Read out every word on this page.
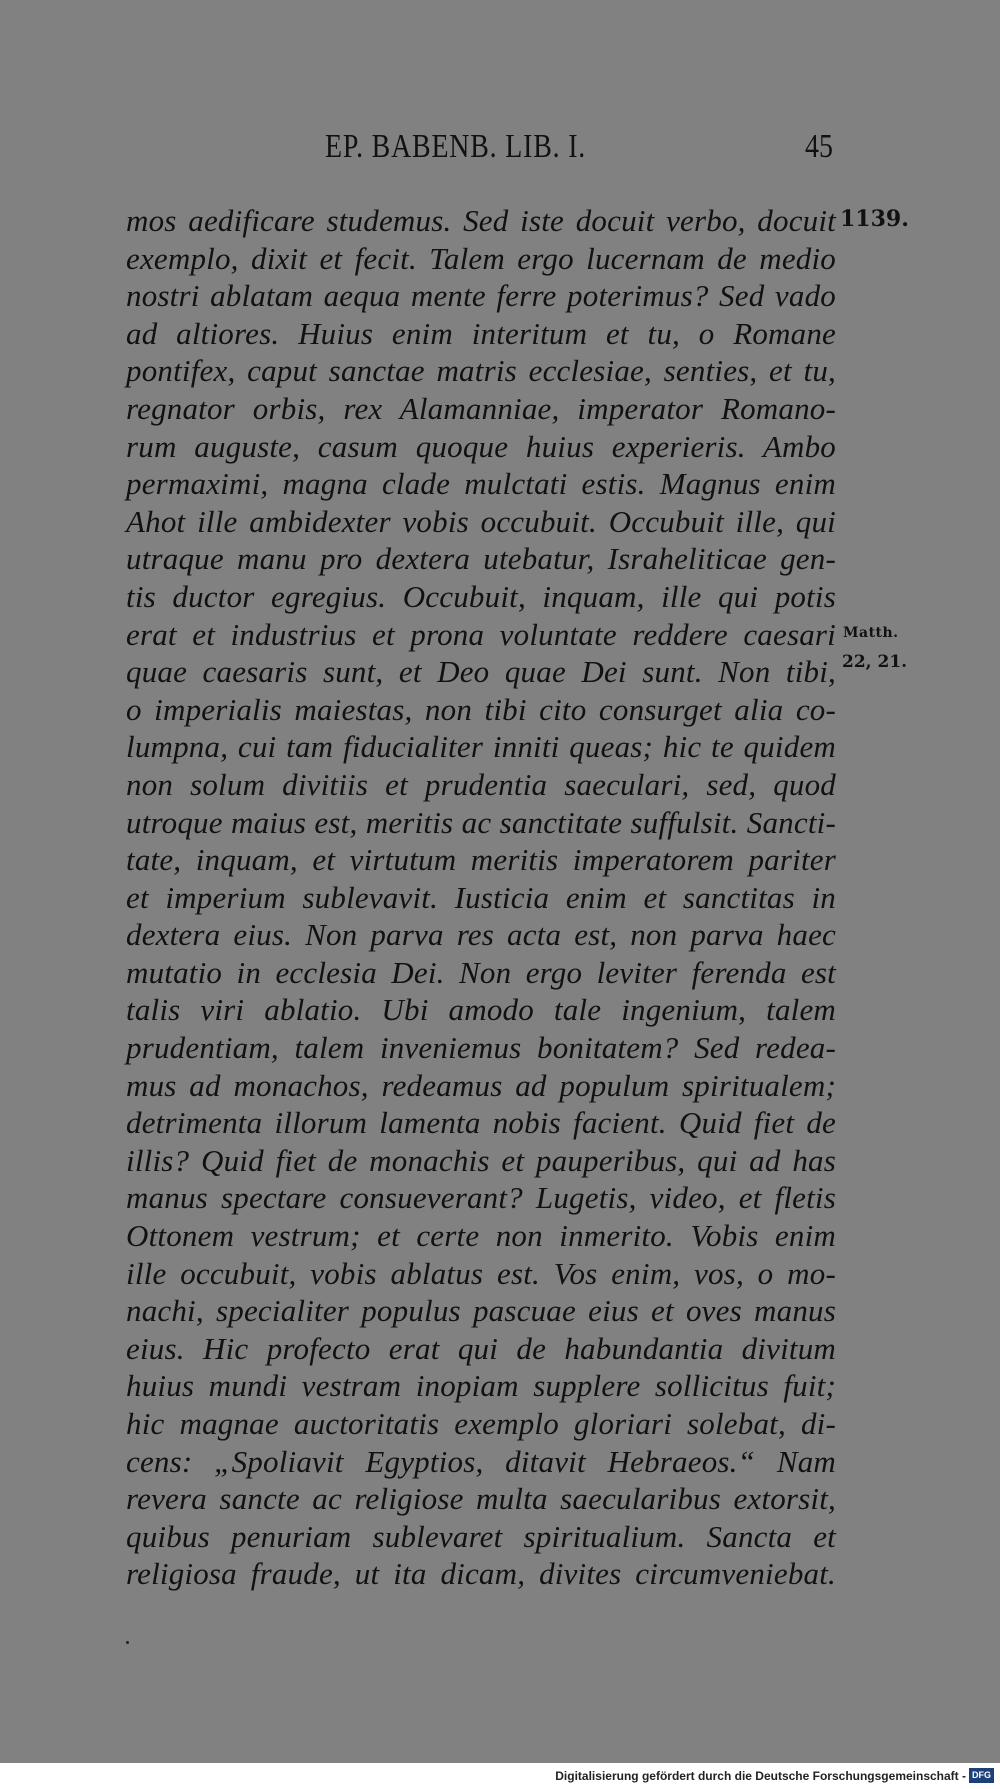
EP. BABENB. LIB. I.	45
1139.
Matth.
22, 21.
mos aedificare studemus. Sed iste docuit verbo, docuit
exemplo, dixit et fecit. Talem ergo lucernam de medio
nostri ablatam aequa mente ferre poterimus? Sed vado
ad altiores. Huius enim interitum et tu, o Romane
pontifex, caput sanctae matris ecclesiae, senties, et tu,
regnator orbis, rex Alamanniae, imperator Romano-
rum auguste, casum quoque huius experieris. Ambo
permaximi, magna clade mulctati estis. Magnus enim
Ahot ille ambidexter vobis occubuit. Occubuit ille, qui
utraque manu pro dextera utebatur, Israheliticae gen-
tis ductor egregius. Occubuit, inquam, ille qui potis
erat et industrius et prona voluntate reddere caesari
quae caesaris sunt, et Deo quae Dei sunt. Non tibi,
o imperialis maiestas, non tibi cito consurget alia co-
lumpna, cui tam fiducialiter inniti queas; hic te quidem
non solum divitiis et prudentia saeculari, sed, quod
utroque maius est, meritis ac sanctitate suffulsit. Sancti-
tate, inquam, et virtutum meritis imperatorem pariter
et imperium sublevavit. Iusticia enim et sanctitas in
dextera eius. Non parva res acta est, non parva haec
mutatio in ecclesia Dei. Non ergo leviter ferenda est
talis viri ablatio. Ubi amodo tale ingenium, talem
prudentiam, talem inveniemus bonitatem? Sed redea-
mus ad monachos, redeamus ad populum spiritualem;
detrimenta illorum lamenta nobis facient. Quid fiet de
illis? Quid fiet de monachis et pauperibus, qui ad has
manus spectare consueverant? Lugetis, video, et fletis
Ottonem vestrum; et certe non inmerito. Vobis enim
ille occubuit, vobis ablatus est. Vos enim, vos, o mo-
nachi, specialiter populus pascuae eius et oves manus
eius. Hic profecto erat qui de habundantia divitum
huius mundi vestram inopiam supplere sollicitus fuit;
hic magnae auctoritatis exemplo gloriari solebat, di-
cens: „Spoliavit Egyptios, ditavit Hebraeos.“ Nam
revera sancte ac religiose multa saecularibus extorsit,
quibus penuriam sublevaret spiritualium. Sancta et
religiosa fraude, ut ita dicam, divites circumveniebat.
Digitalisierung gefördert durch die Deutsche Forschungsgemeinschaft - DFG
